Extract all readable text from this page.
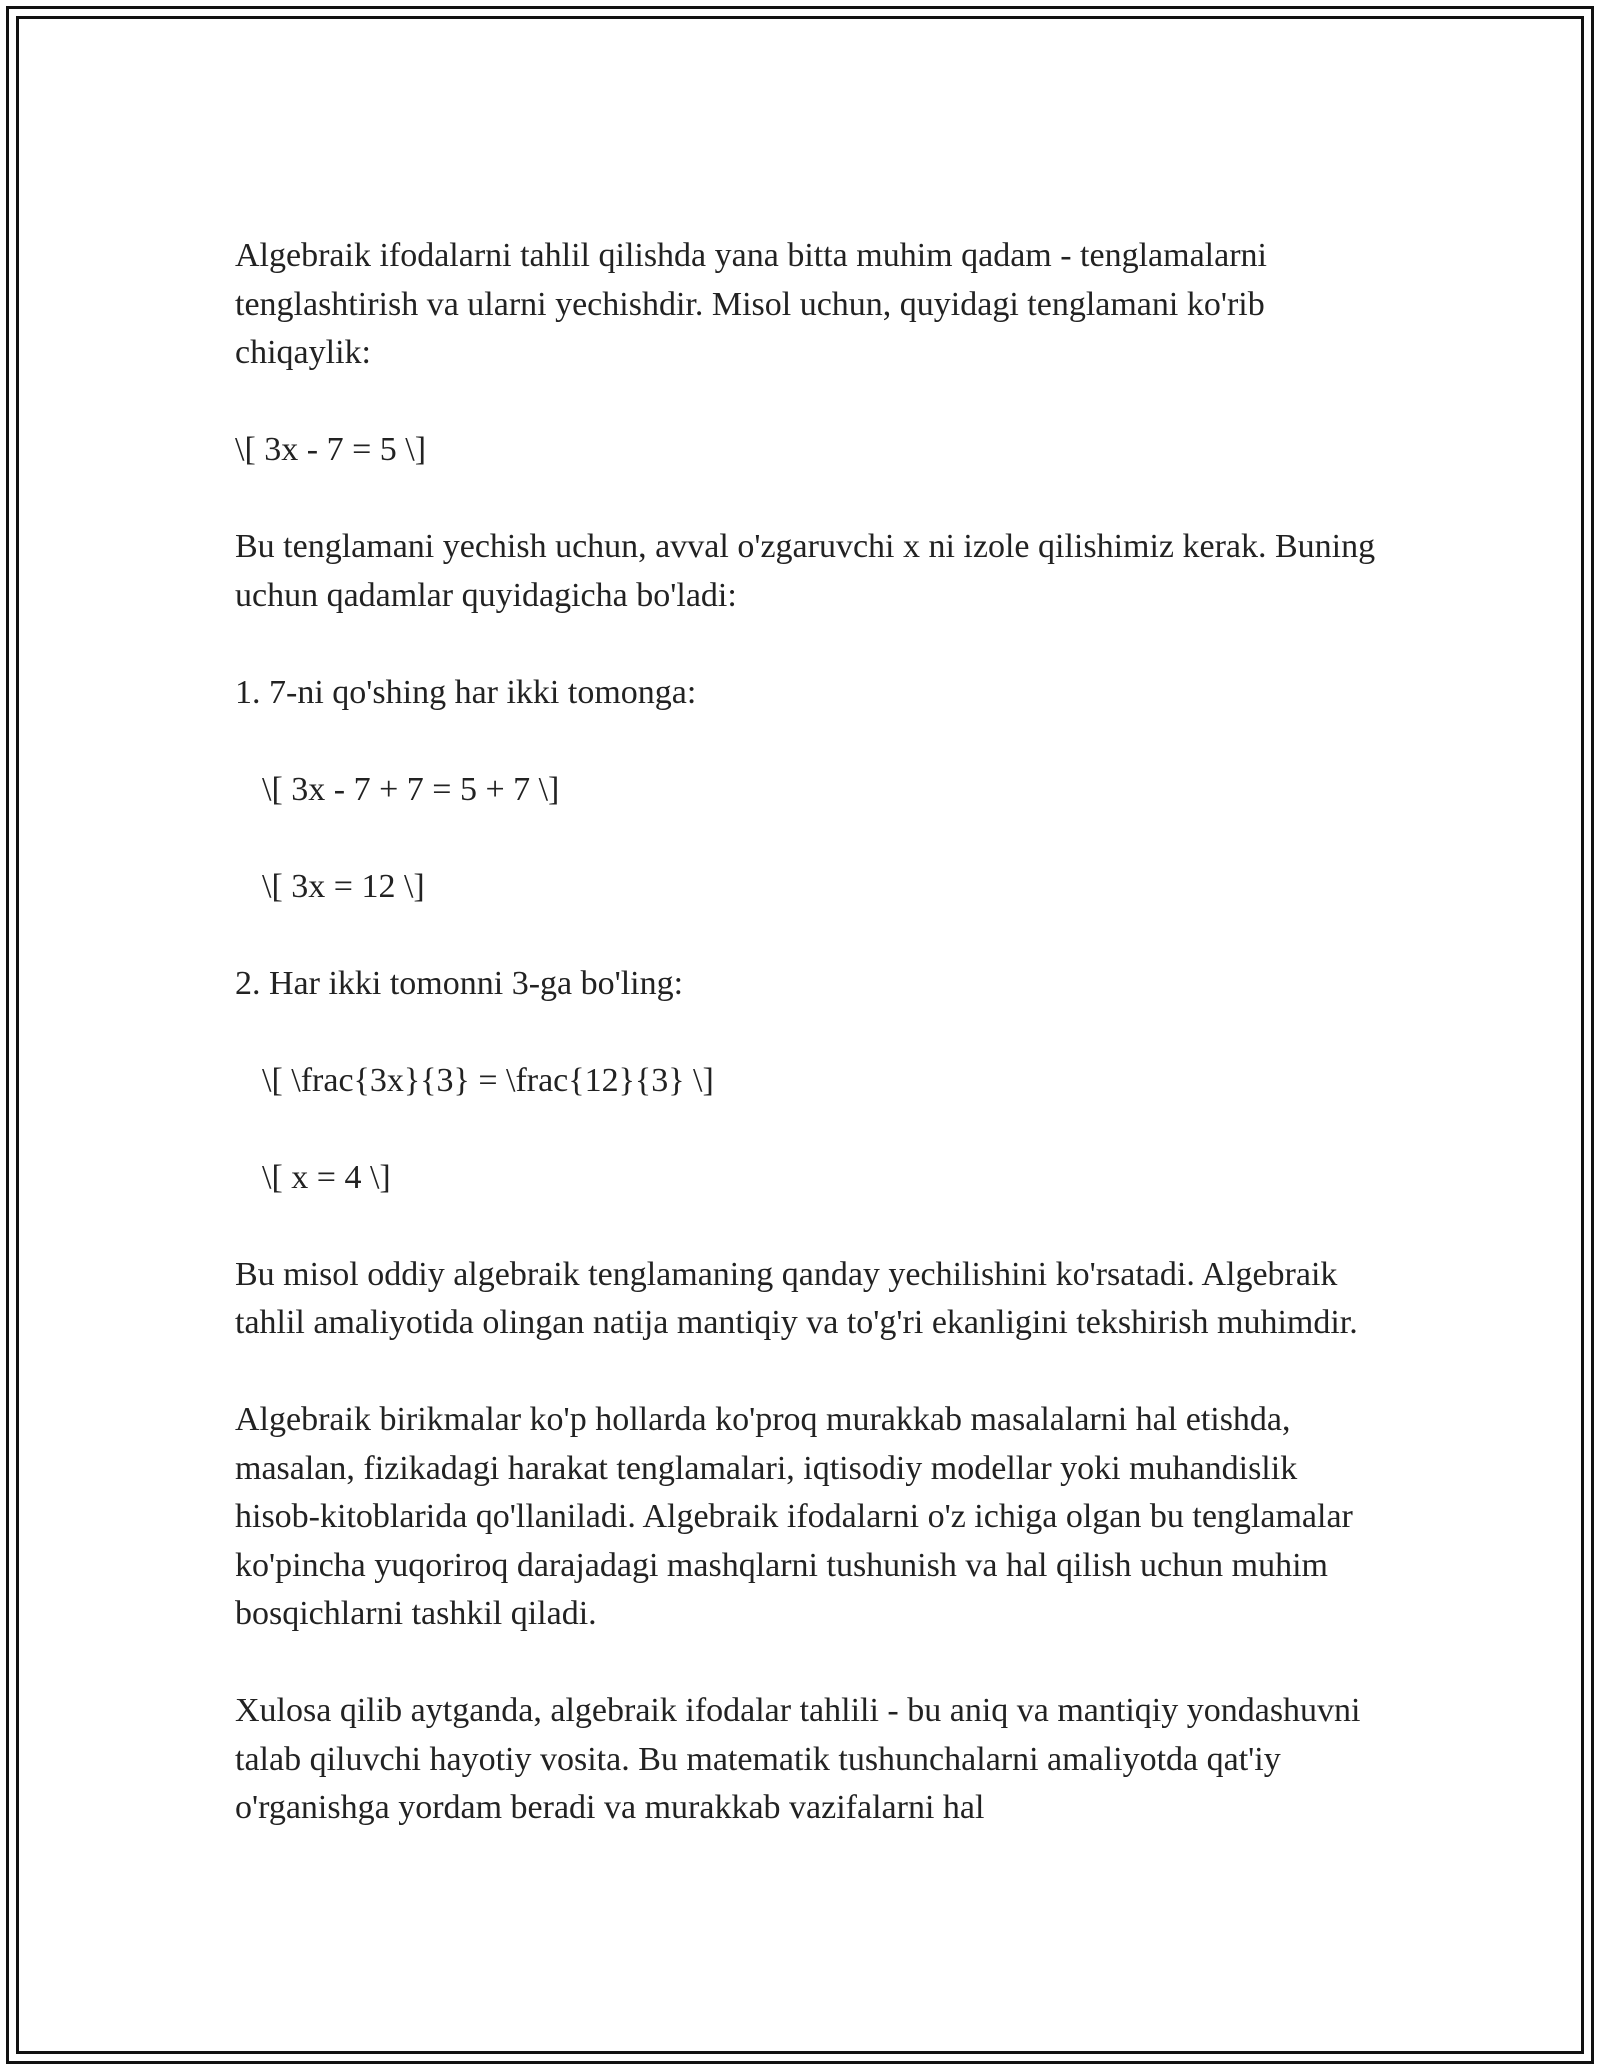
Algebraik ifodalarni tahlil qilishda yana bitta muhim qadam - tenglamalarni tenglashtirish va ularni yechishdir. Misol uchun, quyidagi tenglamani ko'rib chiqaylik:

\[ 3x - 7 = 5 \]

Bu tenglamani yechish uchun, avval o'zgaruvchi x ni izole qilishimiz kerak. Buning uchun qadamlar quyidagicha bo'ladi:

1. 7-ni qo'shing har ikki tomonga:

\[ 3x - 7 + 7 = 5 + 7 \]

\[ 3x = 12 \]

2. Har ikki tomonni 3-ga bo'ling:

\[ \frac{3x}{3} = \frac{12}{3} \]

\[ x = 4 \]

Bu misol oddiy algebraik tenglamaning qanday yechilishini ko'rsatadi. Algebraik tahlil amaliyotida olingan natija mantiqiy va to'g'ri ekanligini tekshirish muhimdir.

Algebraik birikmalar ko'p hollarda ko'proq murakkab masalalarni hal etishda, masalan, fizikadagi harakat tenglamalari, iqtisodiy modellar yoki muhandislik hisob-kitoblarida qo'llaniladi. Algebraik ifodalarni o'z ichiga olgan bu tenglamalar ko'pincha yuqoriroq darajadagi mashqlarni tushunish va hal qilish uchun muhim bosqichlarni tashkil qiladi.

Xulosa qilib aytganda, algebraik ifodalar tahlili - bu aniq va mantiqiy yondashuvni talab qiluvchi hayotiy vosita. Bu matematik tushunchalarni amaliyotda qat'iy o'rganishga yordam beradi va murakkab vazifalarni hal
